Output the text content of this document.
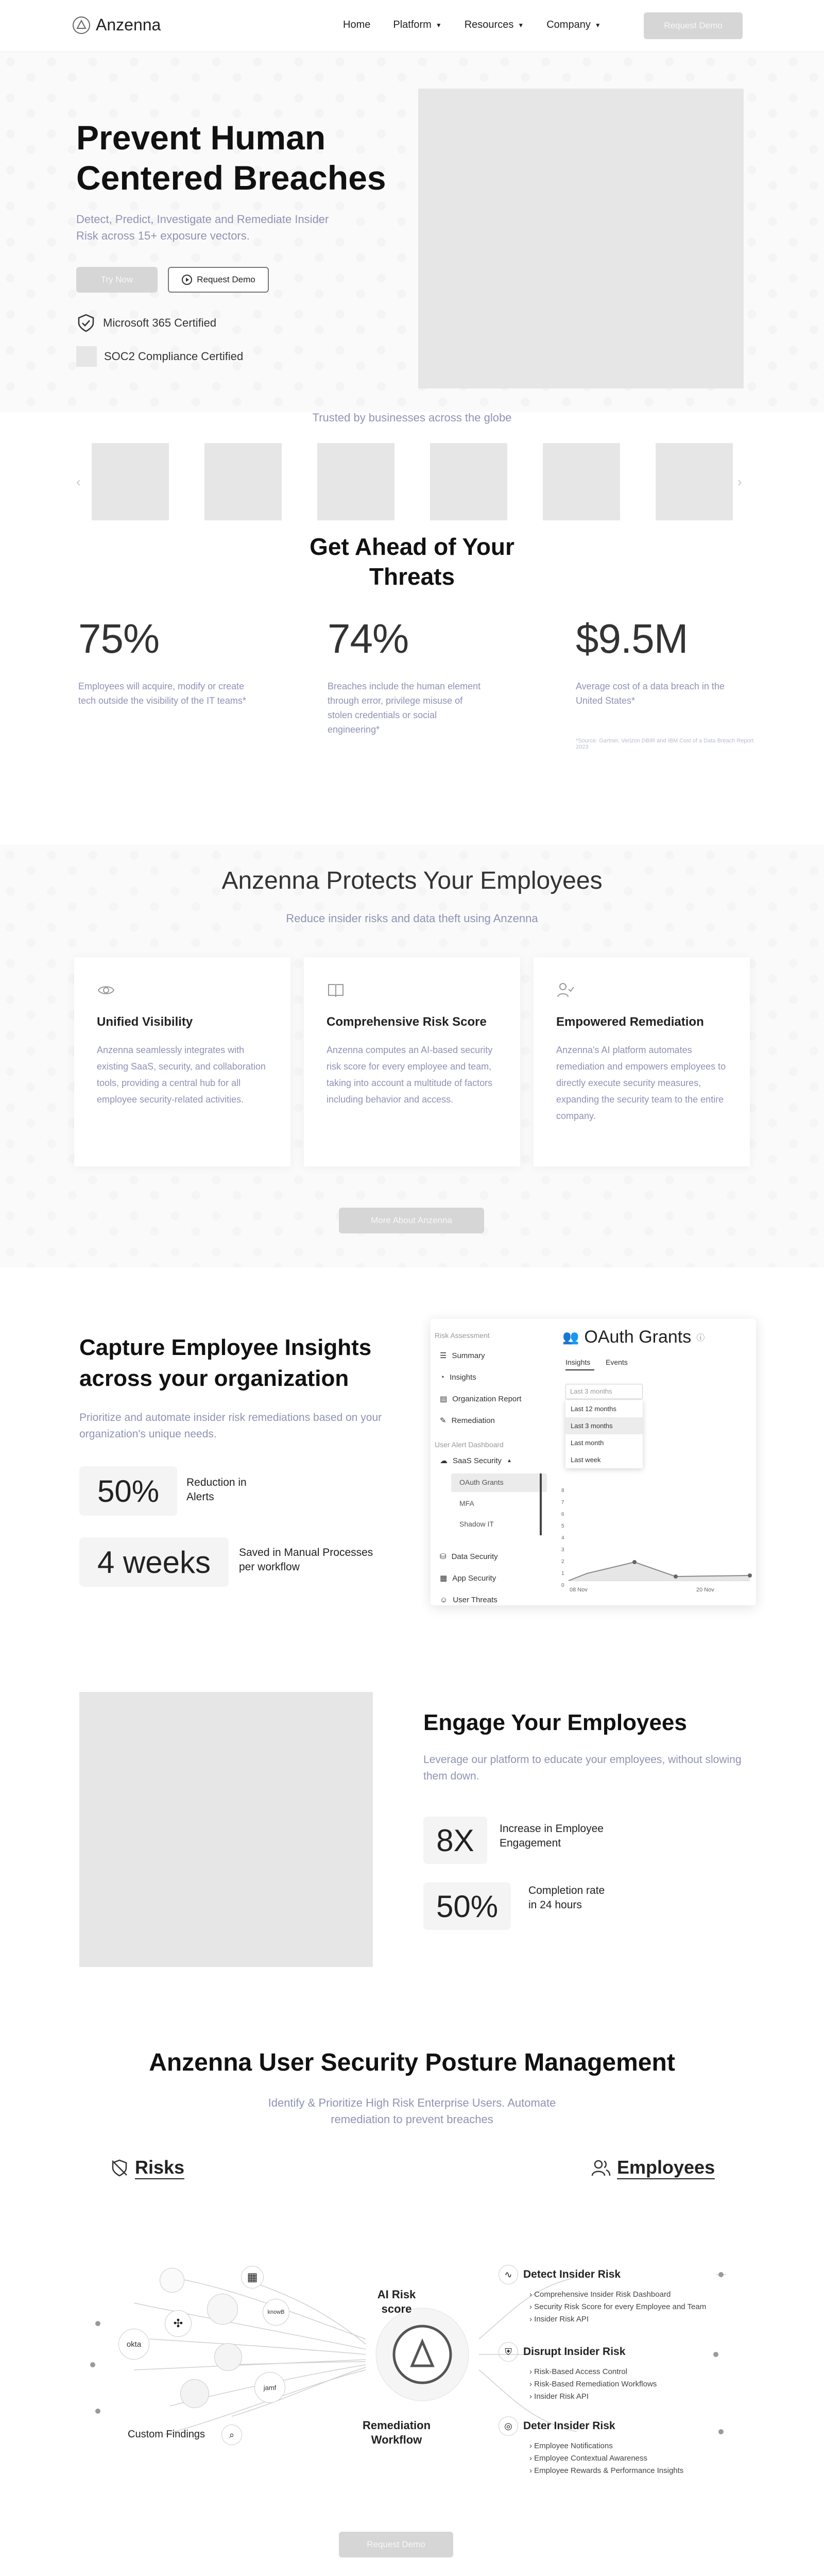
Anzenna	Home Platform ▼ Resources ▼ Company ▼	Request Demo
Prevent Human Centered Breaches
Detect, Predict, Investigate and Remediate Insider Risk across 15+ exposure vectors.
Try Now	Request Demo
Microsoft 365 Certified
SOC2 Compliance Certified
Trusted by businesses across the globe
‹	›
Get Ahead of Your Threats
75%
Employees will acquire, modify or create tech outside the visibility of the IT teams*
74%
Breaches include the human element through error, privilege misuse of stolen credentials or social engineering*
$9.5M
Average cost of a data breach in the United States*
*Source: Gartner, Verizon DBIR and IBM Cost of a Data Breach Report 2023
Anzenna Protects Your Employees
Reduce insider risks and data theft using Anzenna
Unified Visibility
Anzenna seamlessly integrates with existing SaaS, security, and collaboration tools, providing a central hub for all employee security-related activities.
Comprehensive Risk Score
Anzenna computes an AI-based security risk score for every employee and team, taking into account a multitude of factors including behavior and access.
Empowered Remediation
Anzenna's AI platform automates remediation and empowers employees to directly execute security measures, expanding the security team to the entire company.
More About Anzenna
Capture Employee Insights across your organization
Prioritize and automate insider risk remediations based on your organization's unique needs.
50%	Reduction in Alerts
4 weeks	Saved in Manual Processes per workflow
Risk Assessment
☰ Summary
◔ Insights
▤ Organization Report
✎ Remediation
User Alert Dashboard
☁ SaaS Security ▲
OAuth Grants
MFA
Shadow IT
⛁ Data Security
▦ App Security
☺ User Threats
👥 OAuth Grants ⓘ
Insights Events
Last 3 months
Last 12 months
Last 3 months
Last month
Last week
8
7
6
5
4
3
2
1
0
08 Nov	20 Nov
Engage Your Employees
Leverage our platform to educate your employees, without slowing them down.
8X	Increase in Employee Engagement
50%	Completion rate in 24 hours
Anzenna User Security Posture Management
Identify & Prioritize High Risk Enterprise Users. Automate remediation to prevent breaches
Risks	Employees
▦
knowB
✣
okta
jamf
⌕
Custom Findings
AI Risk score
Remediation Workflow
∿	Detect Insider Risk
› Comprehensive Insider Risk Dashboard
› Security Risk Score for every Employee and Team
› Insider Risk API
⛨	Disrupt Insider Risk
› Risk-Based Access Control
› Risk-Based Remediation Workflows
› Insider Risk API
◎	Deter Insider Risk
› Employee Notifications
› Employee Contextual Awareness
› Employee Rewards & Performance Insights
Request Demo
